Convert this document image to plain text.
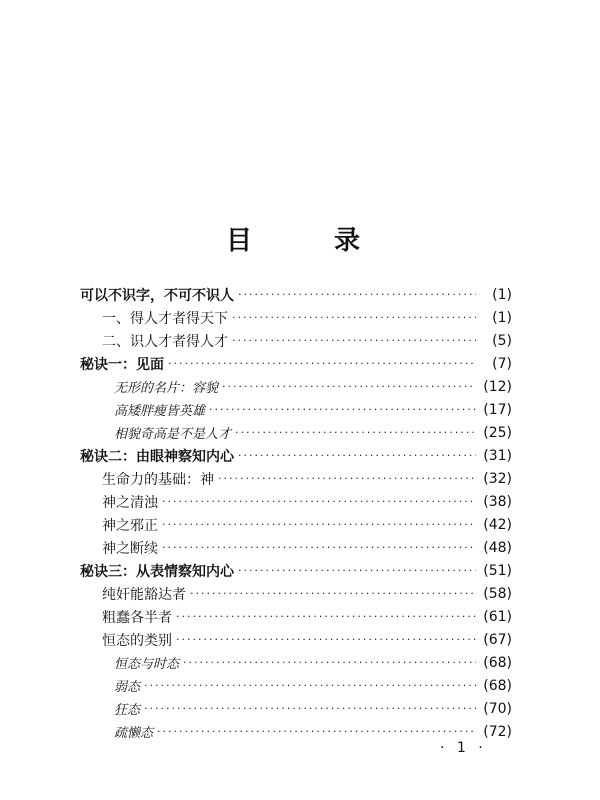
目　录
可以不识字，不可不识人 ·····	(1)
一、得人才者得天下 ·····	(1)
二、识人才者得人才 ·····	(5)
秘诀一：见面 ·····	(7)
无形的名片：容貌 ·····	(12)
高矮胖瘦皆英雄 ·····	(17)
相貌奇高是不是人才 ·····	(25)
秘诀二：由眼神察知内心 ·····	(31)
生命力的基础：神 ·····	(32)
神之清浊 ·····	(38)
神之邪正 ·····	(42)
神之断续 ·····	(48)
秘诀三：从表情察知内心 ·····	(51)
纯奸能豁达者 ·····	(58)
粗蠢各半者 ·····	(61)
恒态的类别 ·····	(67)
恒态与时态 ·····	(68)
弱态 ·····	(68)
狂态 ·····	(70)
疏懒态 ·····	(72)
· 1 ·
